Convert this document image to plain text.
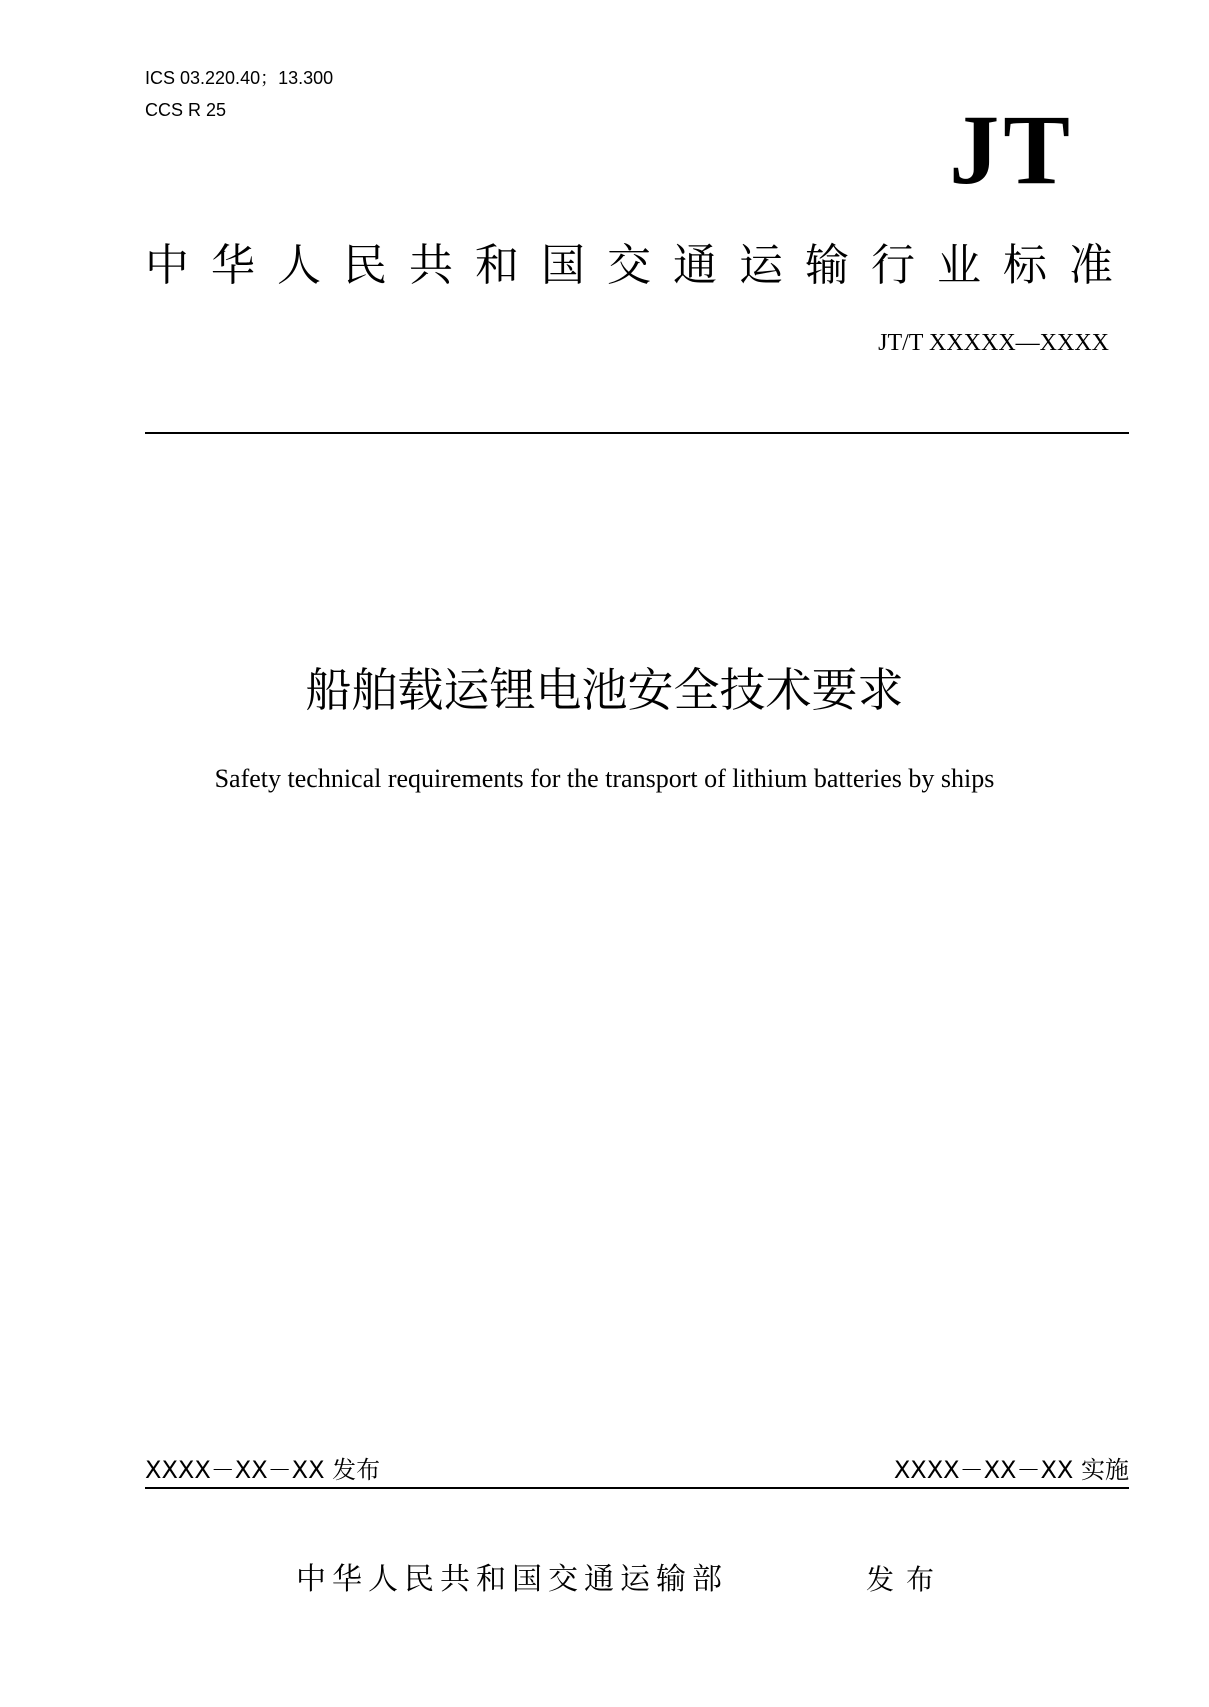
ICS 03.220.40；13.300
CCS R 25	JT
中华人民共和国交通运输行业标准
JT/T XXXXX—XXXX
船舶载运锂电池安全技术要求
Safety technical requirements for the transport of lithium batteries by ships
XXXX－XX－XX 发布	XXXX－XX－XX 实施
中华人民共和国交通运输部	发布
